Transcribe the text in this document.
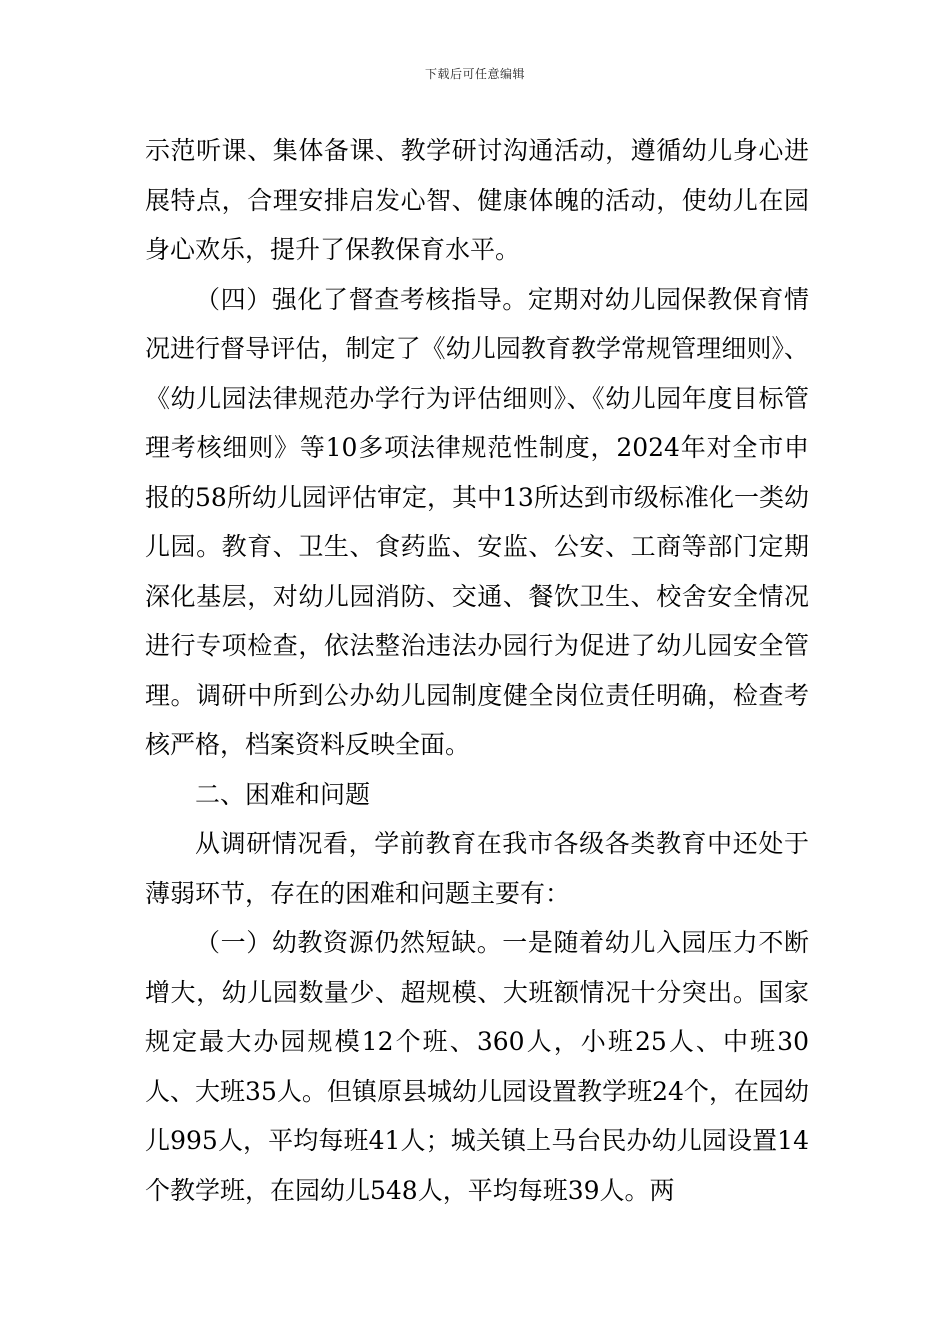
下载后可任意编辑

示范听课、集体备课、教学研讨沟通活动，遵循幼儿身心进展特点，合理安排启发心智、健康体魄的活动，使幼儿在园身心欢乐，提升了保教保育水平。

（四）强化了督查考核指导。定期对幼儿园保教保育情况进行督导评估，制定了《幼儿园教育教学常规管理细则》、《幼儿园法律规范办学行为评估细则》、《幼儿园年度目标管理考核细则》等10多项法律规范性制度，2024年对全市申报的58所幼儿园评估审定，其中13所达到市级标准化一类幼儿园。教育、卫生、食药监、安监、公安、工商等部门定期深化基层，对幼儿园消防、交通、餐饮卫生、校舍安全情况进行专项检查，依法整治违法办园行为促进了幼儿园安全管理。调研中所到公办幼儿园制度健全岗位责任明确，检查考核严格，档案资料反映全面。

二、困难和问题

从调研情况看，学前教育在我市各级各类教育中还处于薄弱环节，存在的困难和问题主要有：

（一）幼教资源仍然短缺。一是随着幼儿入园压力不断增大，幼儿园数量少、超规模、大班额情况十分突出。国家规定最大办园规模12个班、360人，小班25人、中班30人、大班35人。但镇原县城幼儿园设置教学班24个，在园幼儿995人，平均每班41人；城关镇上马台民办幼儿园设置14个教学班，在园幼儿548人，平均每班39人。两
